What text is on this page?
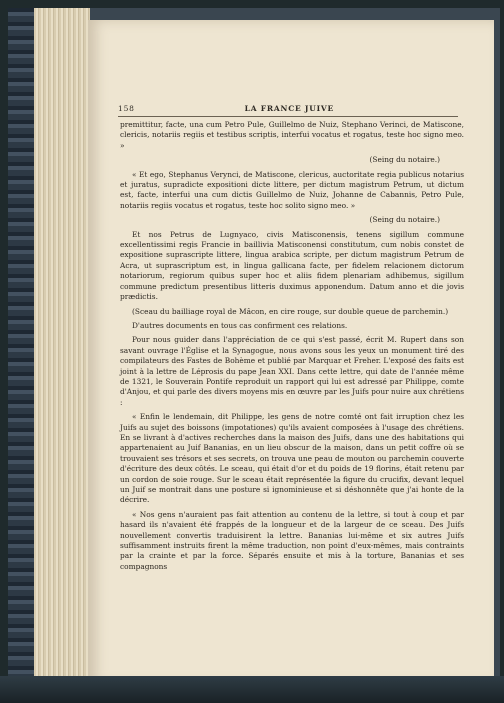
158	LA FRANCE JUIVE

premittitur, facte, una cum Petro Pule, Guillelmo de Nuiz, Stephano Verinci, de Matiscone, clericis, notariis regiis et testibus scriptis, interfui vocatus et rogatus, teste hoc signo meo. »

(Seing du notaire.)

« Et ego, Stephanus Verynci, de Matiscone, clericus, auctoritate regia publicus notarius et juratus, supradicte expositioni dicte littere, per dictum magistrum Petrum, ut dictum est, facte, interfui una cum dictis Guillelmo de Nuiz, Johanne de Cabannis, Petro Pule, notariis regiis vocatus et rogatus, teste hoc solito signo meo. »

(Seing du notaire.)

Et nos Petrus de Lugnyaco, civis Matisconensis, tenens sigillum commune excellentissimi regis Francie in baillivia Matisconensi constitutum, cum nobis constet de expositione suprascripte littere, lingua arabica scripte, per dictum magistrum Petrum de Acra, ut suprascriptum est, in lingua gallicana facte, per fidelem relacionem dictorum notariorum, regiorum quibus super hoc et aliis fidem plenariam adhibemus, sigillum commune predictum presentibus litteris duximus apponendum. Datum anno et die jovis prædictis.

(Sceau du bailliage royal de Mâcon, en cire rouge, sur double queue de parchemin.)

D'autres documents en tous cas confirment ces relations.

Pour nous guider dans l'appréciation de ce qui s'est passé, écrit M. Rupert dans son savant ouvrage l'Église et la Synagogue, nous avons sous les yeux un monument tiré des compilateurs des Fastes de Bohème et publié par Marquar et Freher. L'exposé des faits est joint à la lettre de Léprosis du pape Jean XXI. Dans cette lettre, qui date de l'année même de 1321, le Souverain Pontife reproduit un rapport qui lui est adressé par Philippe, comte d'Anjou, et qui parle des divers moyens mis en œuvre par les Juifs pour nuire aux chrétiens :

« Enfin le lendemain, dit Philippe, les gens de notre comté ont fait irruption chez les Juifs au sujet des boissons (impotationes) qu'ils avaient composées à l'usage des chrétiens. En se livrant à d'actives recherches dans la maison des Juifs, dans une des habitations qui appartenaient au Juif Bananias, en un lieu obscur de la maison, dans un petit coffre où se trouvaient ses trésors et ses secrets, on trouva une peau de mouton ou parchemin couverte d'écriture des deux côtés. Le sceau, qui était d'or et du poids de 19 florins, était retenu par un cordon de soie rouge. Sur le sceau était représentée la figure du crucifix, devant lequel un Juif se montrait dans une posture si ignominieuse et si déshonnête que j'ai honte de la décrire.

« Nos gens n'auraient pas fait attention au contenu de la lettre, si tout à coup et par hasard ils n'avaient été frappés de la longueur et de la largeur de ce sceau. Des Juifs nouvellement convertis traduisirent la lettre. Bananias lui-même et six autres Juifs suffisamment instruits firent la même traduction, non point d'eux-mêmes, mais contraints par la crainte et par la force. Séparés ensuite et mis à la torture, Bananias et ses compagnons
